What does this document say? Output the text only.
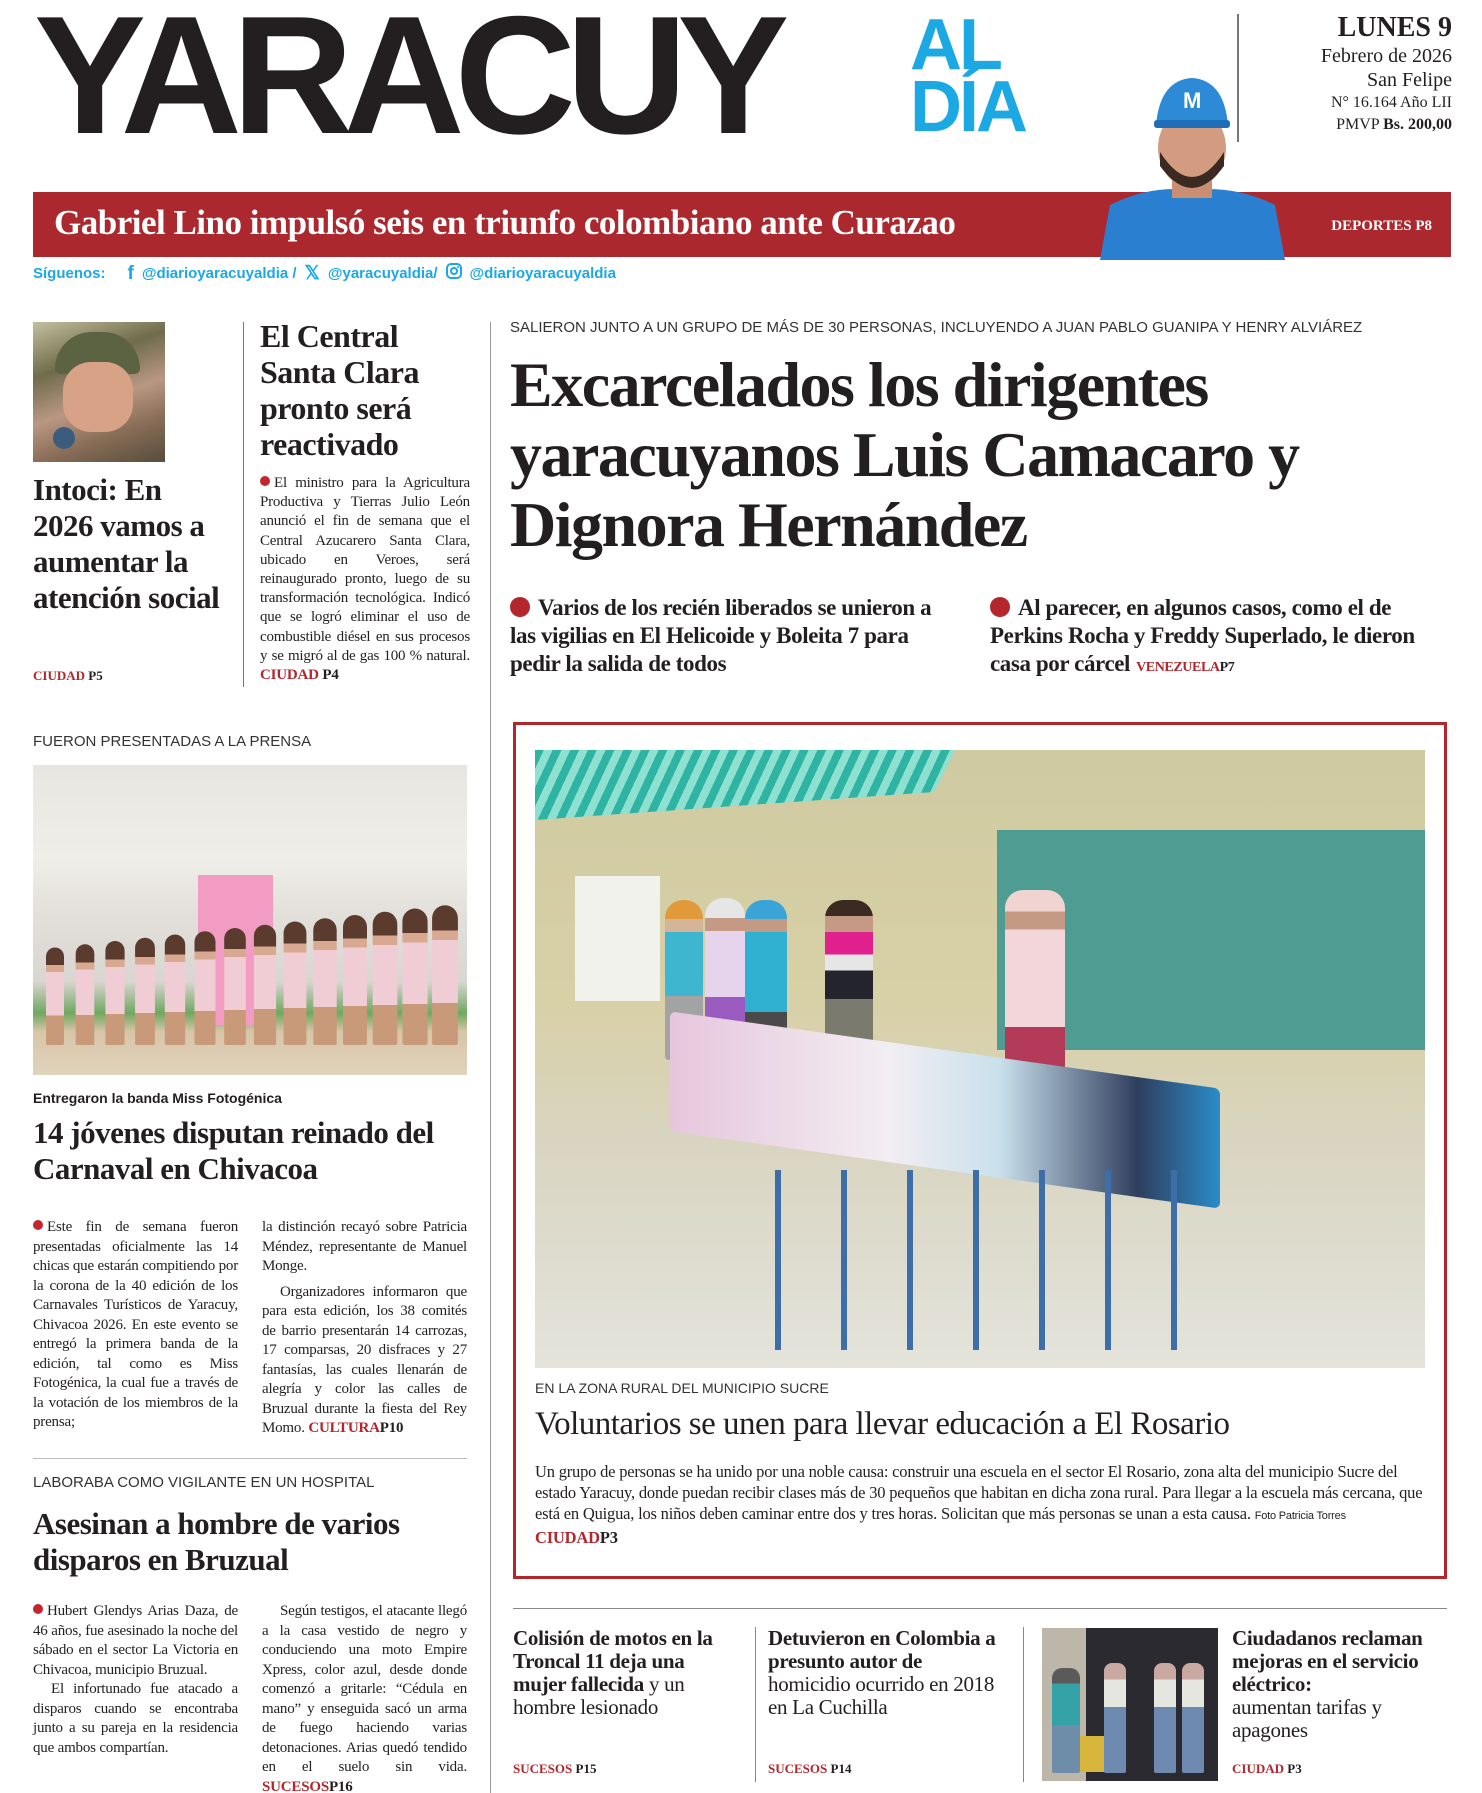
YARACUY AL
DÍA
LUNES 9
Febrero de 2026
San Felipe
N° 16.164 Año LII
PMVP Bs. 200,00
Gabriel Lino impulsó seis en triunfo colombiano ante Curazao	DEPORTES P8
M
Síguenos: f @diarioyaracuyaldia / 𝕏 @yaracuyaldia/ @diarioyaracuyaldia
Intoci: En 2026 vamos a aumentar la atención social
CIUDAD P5
El Central Santa Clara pronto será reactivado
El ministro para la Agricultura Productiva y Tierras Julio León anunció el fin de semana que el Central Azucarero Santa Clara, ubicado en Veroes, será reinaugurado pronto, luego de su transformación tecnológica. Indicó que se logró eliminar el uso de combustible diésel en sus procesos y se migró al de gas 100 % natural. CIUDAD P4
SALIERON JUNTO A UN GRUPO DE MÁS DE 30 PERSONAS, INCLUYENDO A JUAN PABLO GUANIPA Y HENRY ALVIÁREZ
Excarcelados los dirigentes yaracuyanos Luis Camacaro y Dignora Hernández
Varios de los recién liberados se unieron a las vigilias en El Helicoide y Boleita 7 para pedir la salida de todos
Al parecer, en algunos casos, como el de Perkins Rocha y Freddy Superlado, le dieron casa por cárcel VENEZUELAP7
EN LA ZONA RURAL DEL MUNICIPIO SUCRE
Voluntarios se unen para llevar educación a El Rosario
Un grupo de personas se ha unido por una noble causa: construir una escuela en el sector El Rosario, zona alta del municipio Sucre del estado Yaracuy, donde puedan recibir clases más de 30 pequeños que habitan en dicha zona rural. Para llegar a la escuela más cercana, que está en Quigua, los niños deben caminar entre dos y tres horas. Solicitan que más personas se unan a esta causa. Foto Patricia Torres CIUDADP3
FUERON PRESENTADAS A LA PRENSA
Entregaron la banda Miss Fotogénica
14 jóvenes disputan reinado del Carnaval en Chivacoa
Este fin de semana fueron presentadas oficialmente las 14 chicas que estarán compitiendo por la corona de la 40 edición de los Carnavales Turísticos de Yaracuy, Chivacoa 2026. En este evento se entregó la primera banda de la edición, tal como es Miss Fotogénica, la cual fue a través de la votación de los miembros de la prensa;

la distinción recayó sobre Patricia Méndez, representante de Manuel Monge.

Organizadores informaron que para esta edición, los 38 comités de barrio presentarán 14 carrozas, 17 comparsas, 20 disfraces y 27 fantasías, las cuales llenarán de alegría y color las calles de Bruzual durante la fiesta del Rey Momo. CULTURAP10

LABORABA COMO VIGILANTE EN UN HOSPITAL
Asesinan a hombre de varios disparos en Bruzual

Hubert Glendys Arias Daza, de 46 años, fue asesinado la noche del sábado en el sector La Victoria en Chivacoa, municipio Bruzual.

El infortunado fue atacado a disparos cuando se encontraba junto a su pareja en la residencia que ambos compartían.

Según testigos, el atacante llegó a la casa vestido de negro y conduciendo una moto Empire Xpress, color azul, desde donde comenzó a gritarle: “Cédula en mano” y enseguida sacó un arma de fuego haciendo varias detonaciones. Arias quedó tendido en el suelo sin vida. SUCESOSP16

Colisión de motos en la Troncal 11 deja una mujer fallecida y un hombre lesionado
SUCESOS P15
Detuvieron en Colombia a presunto autor de
homicidio ocurrido en 2018 en La Cuchilla
SUCESOS P14
Ciudadanos reclaman mejoras en el servicio eléctrico:
aumentan tarifas y apagones
CIUDAD P3
